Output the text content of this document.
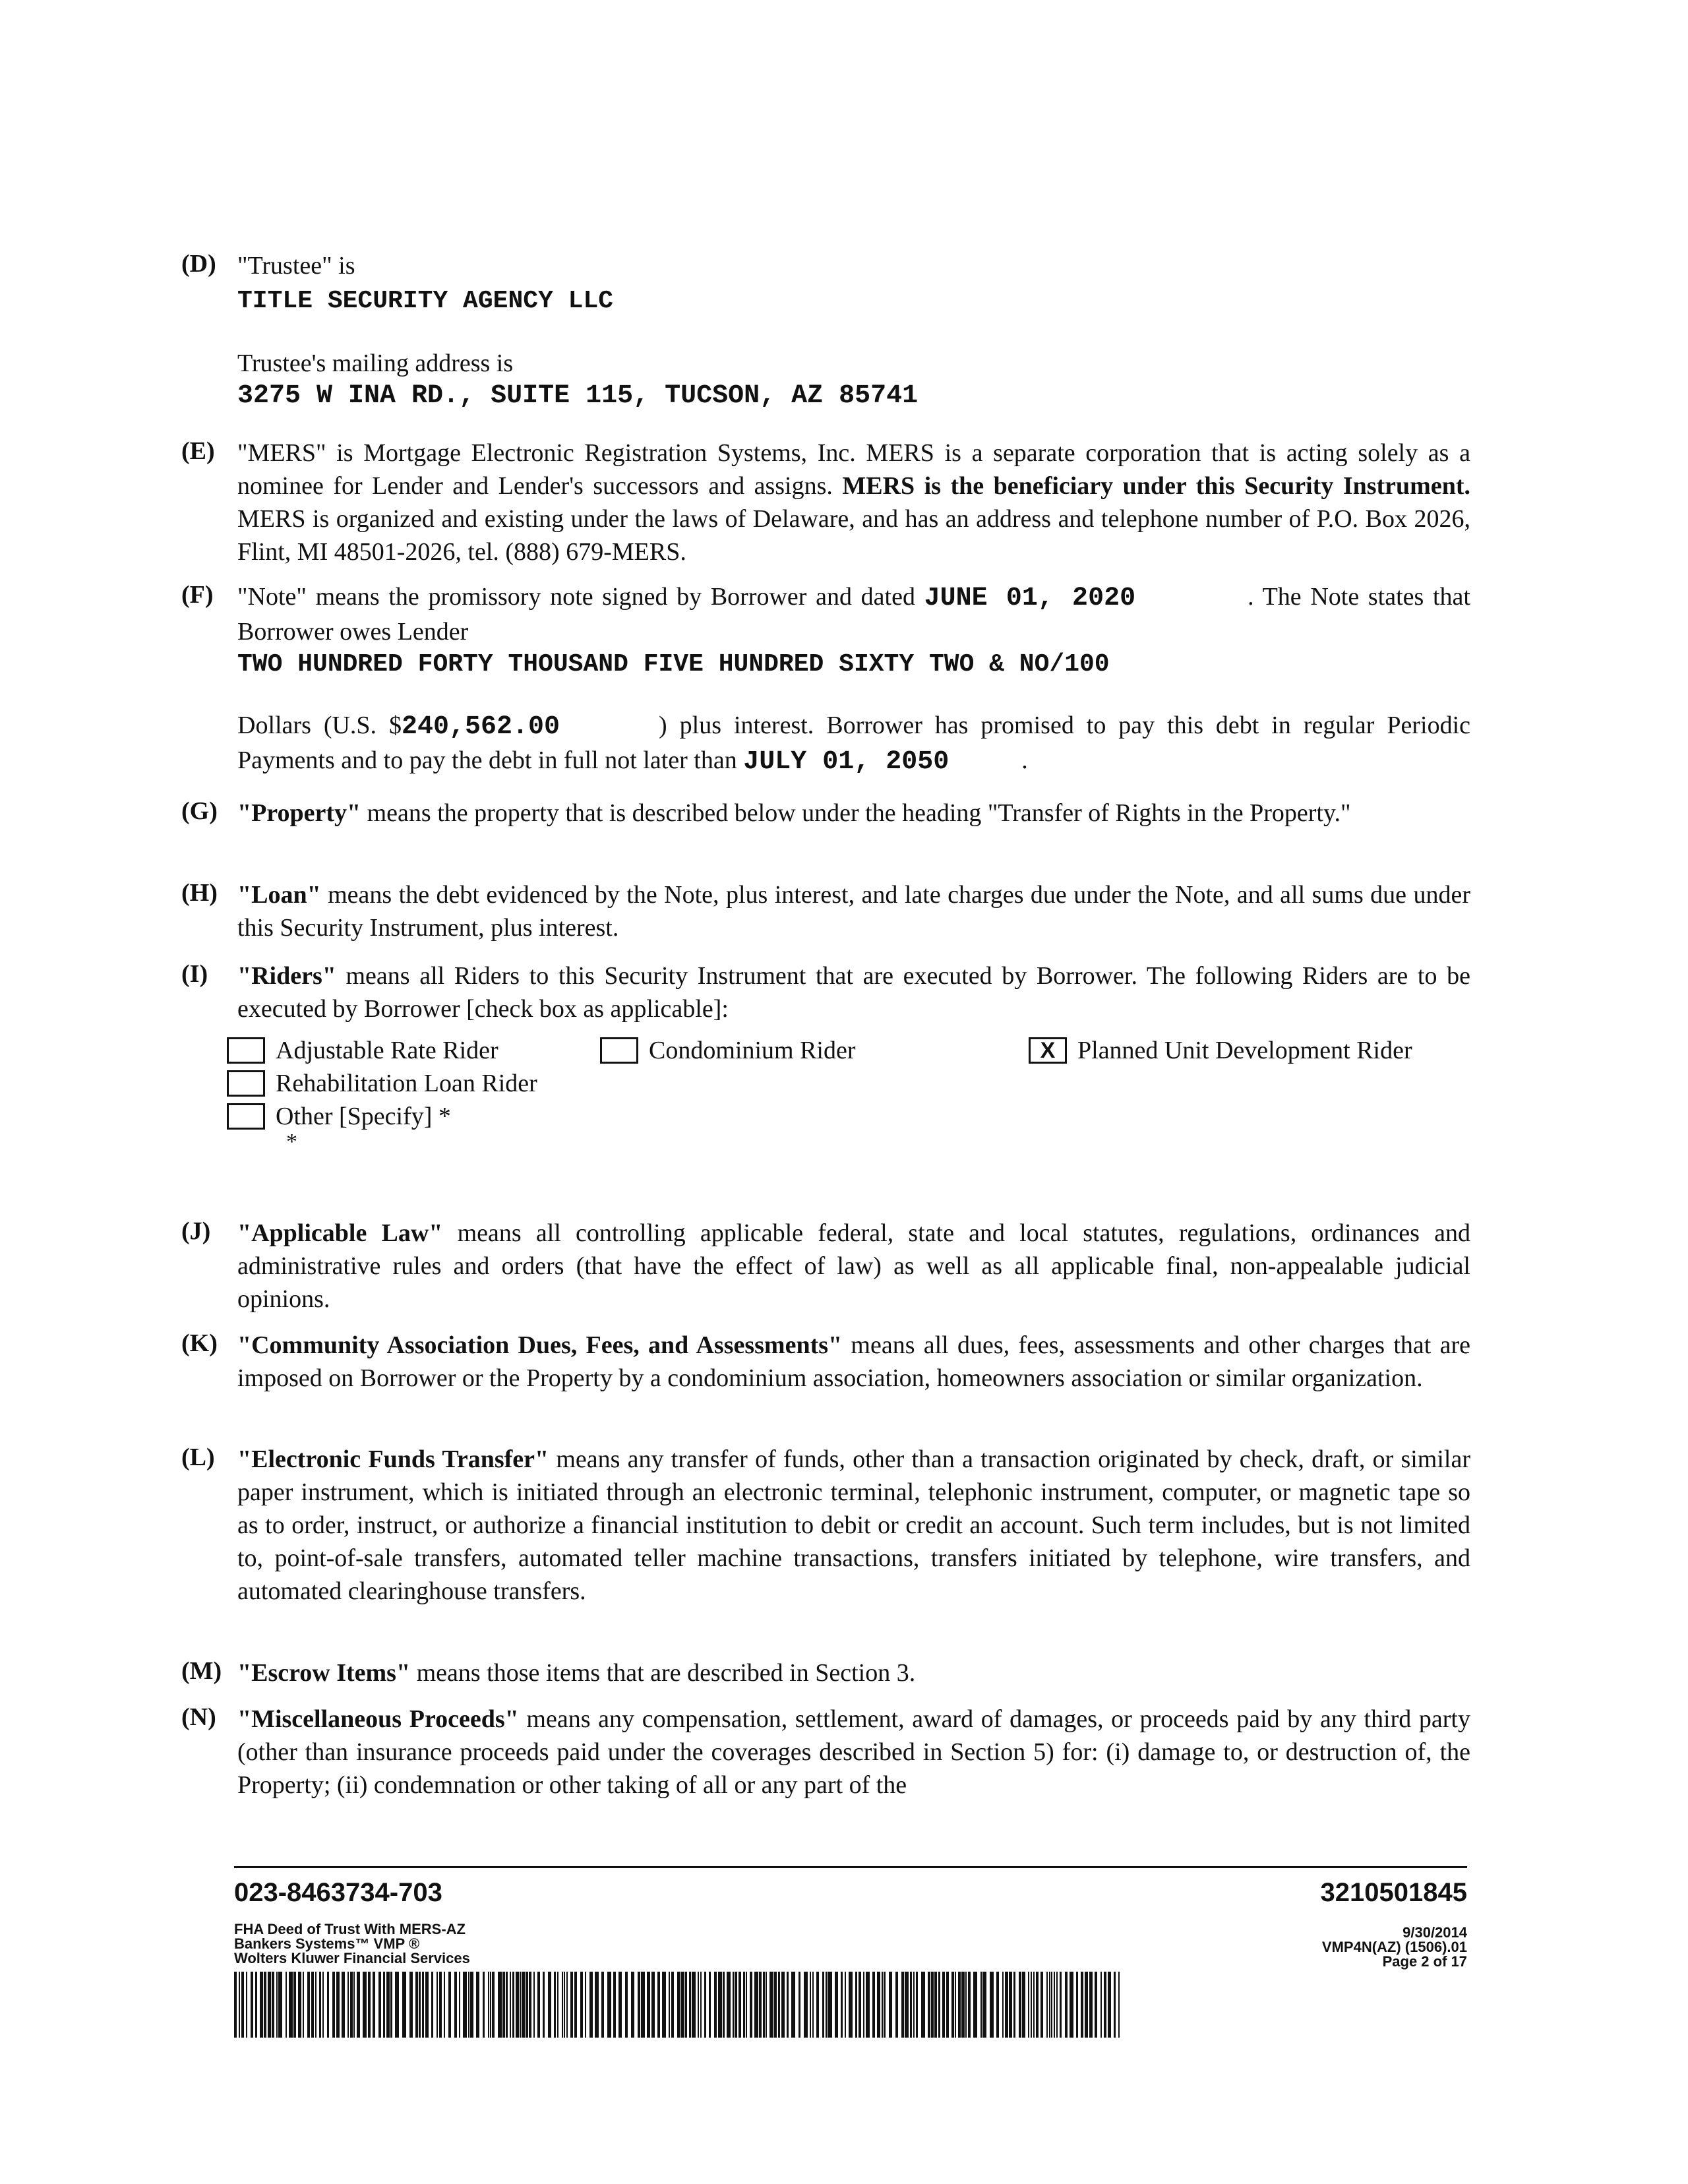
(D) "Trustee" is

TITLE SECURITY AGENCY LLC

Trustee's mailing address is

3275 W INA RD., SUITE 115, TUCSON, AZ 85741

(E) "MERS" is Mortgage Electronic Registration Systems, Inc. MERS is a separate corporation that is acting solely as a nominee for Lender and Lender's successors and assigns. MERS is the beneficiary under this Security Instrument. MERS is organized and existing under the laws of Delaware, and has an address and telephone number of P.O. Box 2026, Flint, MI 48501-2026, tel. (888) 679-MERS.

(F) "Note" means the promissory note signed by Borrower and dated JUNE 01, 2020	. The Note states that Borrower owes Lender

TWO HUNDRED FORTY THOUSAND FIVE HUNDRED SIXTY TWO & NO/100

Dollars (U.S. $240,562.00	) plus interest. Borrower has promised to pay this debt in regular Periodic Payments and to pay the debt in full not later than JULY 01, 2050	.

(G) "Property" means the property that is described below under the heading "Transfer of Rights in the Property."

(H) "Loan" means the debt evidenced by the Note, plus interest, and late charges due under the Note, and all sums due under this Security Instrument, plus interest.

(I)	"Riders" means all Riders to this Security Instrument that are executed by Borrower. The following Riders are to be executed by Borrower [check box as applicable]:

Adjustable Rate Rider	Condominium Rider	X Planned Unit Development Rider
Rehabilitation Loan Rider
Other [Specify] *
*
(J)	"Applicable Law" means all controlling applicable federal, state and local statutes, regulations, ordinances and administrative rules and orders (that have the effect of law) as well as all applicable final, non-appealable judicial opinions.

(K) "Community Association Dues, Fees, and Assessments" means all dues, fees, assessments and other charges that are imposed on Borrower or the Property by a condominium association, homeowners association or similar organization.

(L) "Electronic Funds Transfer" means any transfer of funds, other than a transaction originated by check, draft, or similar paper instrument, which is initiated through an electronic terminal, telephonic instrument, computer, or magnetic tape so as to order, instruct, or authorize a financial institution to debit or credit an account. Such term includes, but is not limited to, point-of-sale transfers, automated teller machine transactions, transfers initiated by telephone, wire transfers, and automated clearinghouse transfers.

(M) "Escrow Items" means those items that are described in Section 3.

(N) "Miscellaneous Proceeds" means any compensation, settlement, award of damages, or proceeds paid by any third party (other than insurance proceeds paid under the coverages described in Section 5) for: (i) damage to, or destruction of, the Property; (ii) condemnation or other taking of all or any part of the

023-8463734-703	3210501845
FHA Deed of Trust With MERS-AZ
Bankers Systems™ VMP ®
Wolters Kluwer Financial Services
9/30/2014
VMP4N(AZ) (1506).01
Page 2 of 17
